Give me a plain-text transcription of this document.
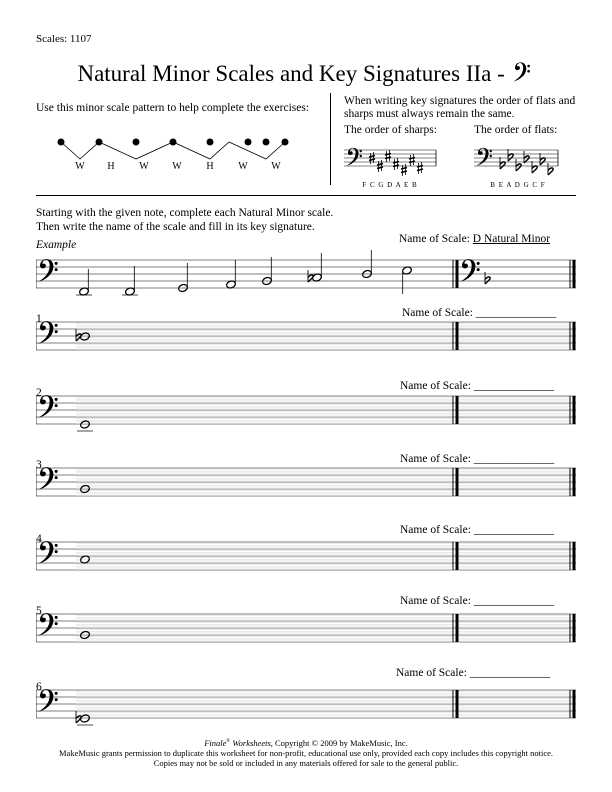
Scales: 1107
Natural Minor Scales and Key Signatures IIa -
Use this minor scale pattern to help complete the exercises:
W H W W H W W
When writing key signatures the order of flats and sharps must always remain the same.
The order of sharps:	The order of flats:
F C G D A E B	B E A D G C F
Starting with the given note, complete each Natural Minor scale.
Then write the name of the scale and fill in its key signature.
Example	Name of Scale: D Natural Minor
1	Name of Scale: ______________
2
Name of Scale: ______________
3	Name of Scale: ______________
4
Name of Scale: ______________
5
Name of Scale: ______________
6
Name of Scale: ______________
Finale® Worksheets, Copyright © 2009 by MakeMusic, Inc.
MakeMusic grants permission to duplicate this worksheet for non-profit, educational use only, provided each copy includes this copyright notice.
Copies may not be sold or included in any materials offered for sale to the general public.
